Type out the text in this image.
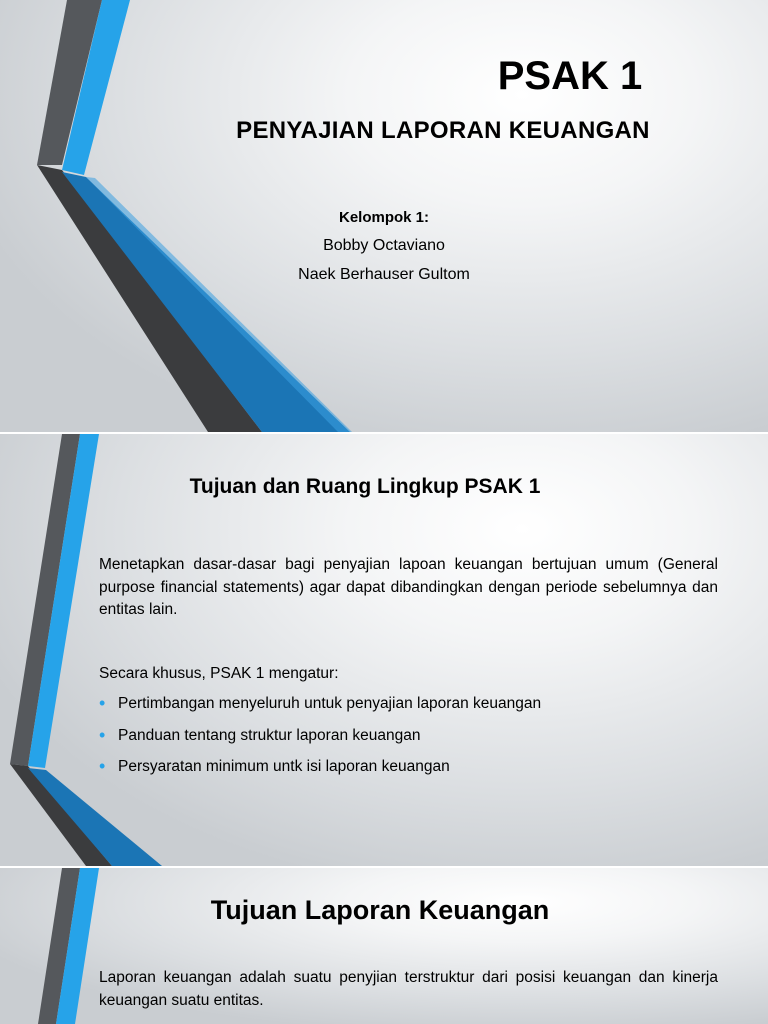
PSAK 1
PENYAJIAN LAPORAN KEUANGAN
Kelompok 1:
Bobby Octaviano
Naek Berhauser Gultom
Tujuan dan Ruang Lingkup PSAK 1

Menetapkan dasar-dasar bagi penyajian lapoan keuangan bertujuan umum (General purpose financial statements) agar dapat dibandingkan dengan periode sebelumnya dan entitas lain.

Secara khusus, PSAK 1 mengatur:

• Pertimbangan menyeluruh untuk penyajian laporan keuangan
• Panduan tentang struktur laporan keuangan
• Persyaratan minimum untk isi laporan keuangan
Tujuan Laporan Keuangan

Laporan keuangan adalah suatu penyjian terstruktur dari posisi keuangan dan kinerja keuangan suatu entitas.
